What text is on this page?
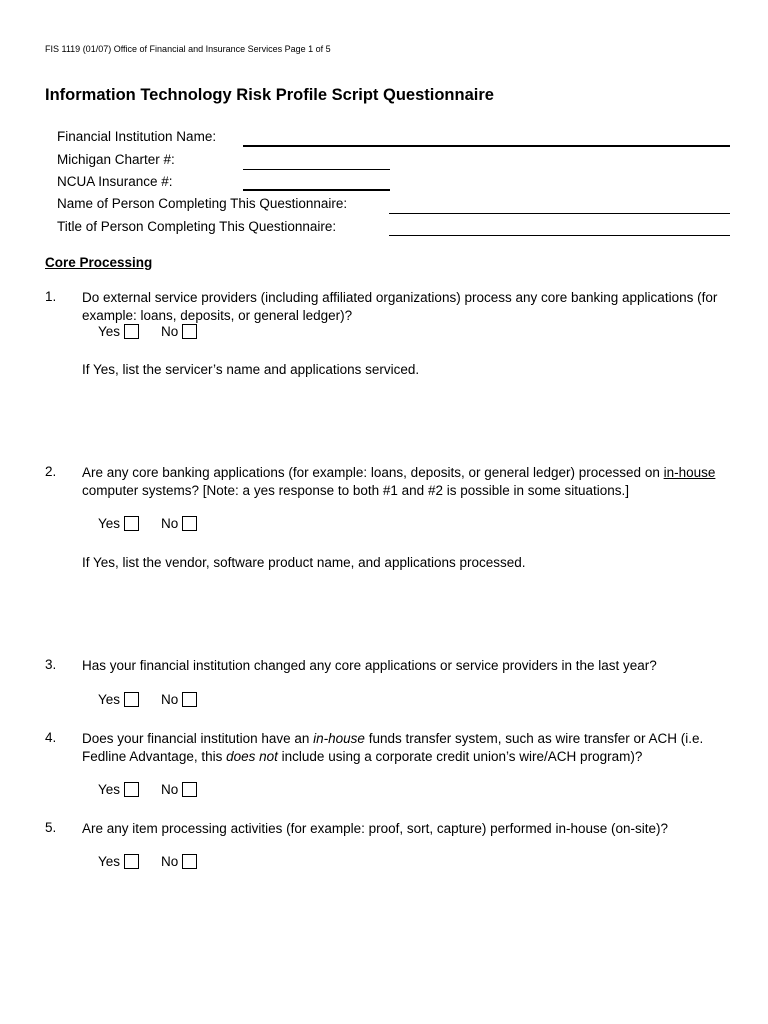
FIS 1119 (01/07) Office of Financial and Insurance Services Page 1 of 5
Information Technology Risk Profile Script Questionnaire
Financial Institution Name:
Michigan Charter #:
NCUA Insurance #:
Name of Person Completing This Questionnaire:
Title of Person Completing This Questionnaire:
Core Processing
1. Do external service providers (including affiliated organizations) process any core banking applications (for example: loans, deposits, or general ledger)?
Yes	No
If Yes, list the servicer’s name and applications serviced.
2. Are any core banking applications (for example: loans, deposits, or general ledger) processed on in-house computer systems? [Note: a yes response to both #1 and #2 is possible in some situations.]
Yes	No
If Yes, list the vendor, software product name, and applications processed.
3. Has your financial institution changed any core applications or service providers in the last year?
Yes	No
4. Does your financial institution have an in-house funds transfer system, such as wire transfer or ACH (i.e. Fedline Advantage, this does not include using a corporate credit union’s wire/ACH program)?
Yes	No
5. Are any item processing activities (for example: proof, sort, capture) performed in-house (on-site)?
Yes	No
